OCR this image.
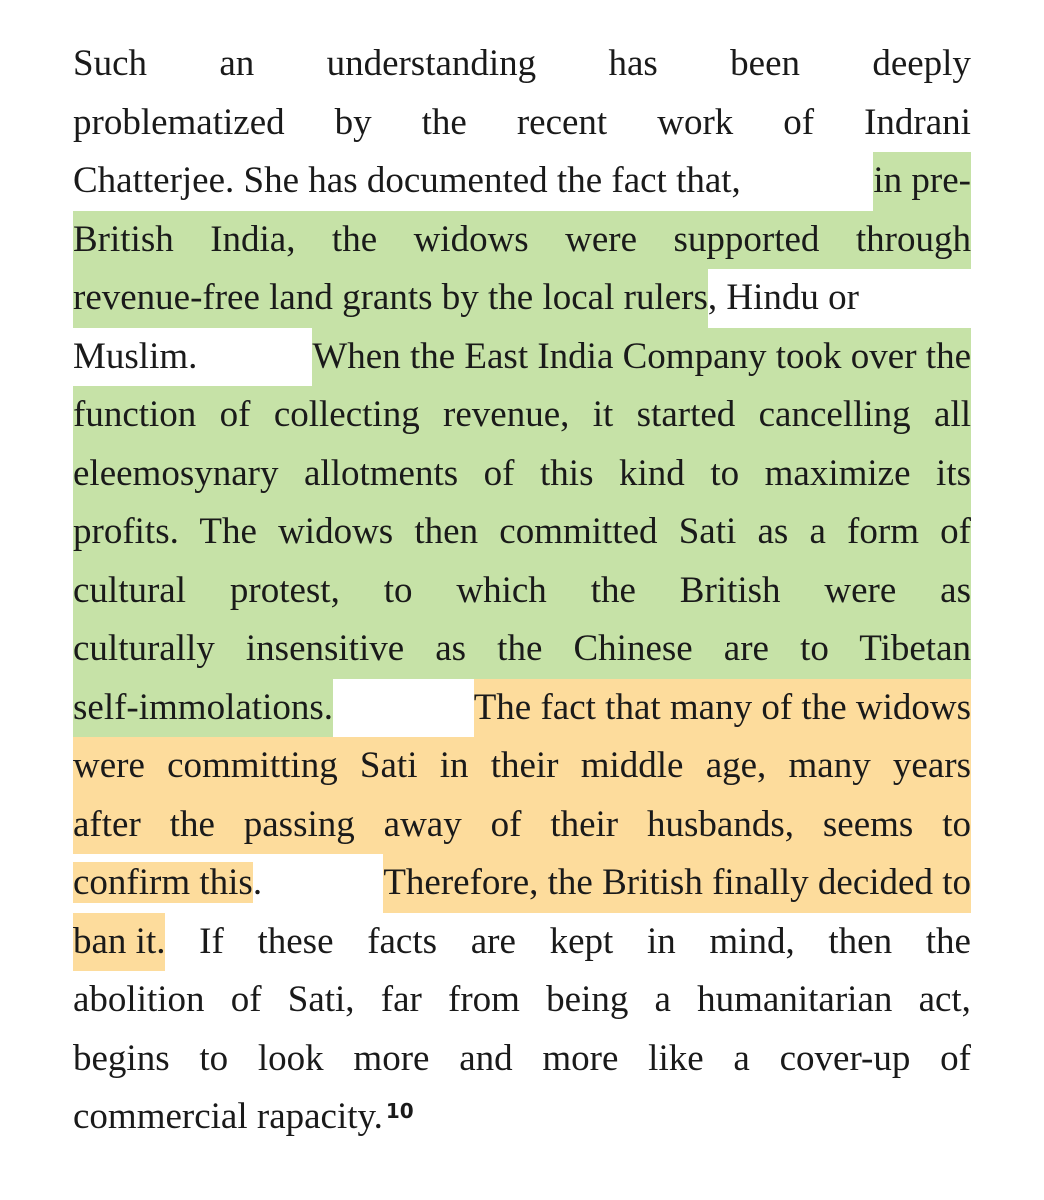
Such an understanding has been deeply
problematized by the recent work of Indrani
Chatterjee. She has documented the fact that,	in pre-
British India, the widows were supported through
revenue-free land grants by the local rulers, Hindu or
Muslim.	When the East India Company took over the
function of collecting revenue, it started cancelling all
eleemosynary allotments of this kind to maximize its
profits. The widows then committed Sati as a form of
cultural protest, to which the British were as
culturally insensitive as the Chinese are to Tibetan
self-immolations.	The fact that many of the widows
were committing Sati in their middle age, many years
after the passing away of their husbands, seems to
confirm this.	Therefore, the British finally decided to
ban it. If these facts are kept in mind, then the
abolition of Sati, far from being a humanitarian act,
begins to look more and more like a cover-up of
commercial rapacity.$^{10}$
